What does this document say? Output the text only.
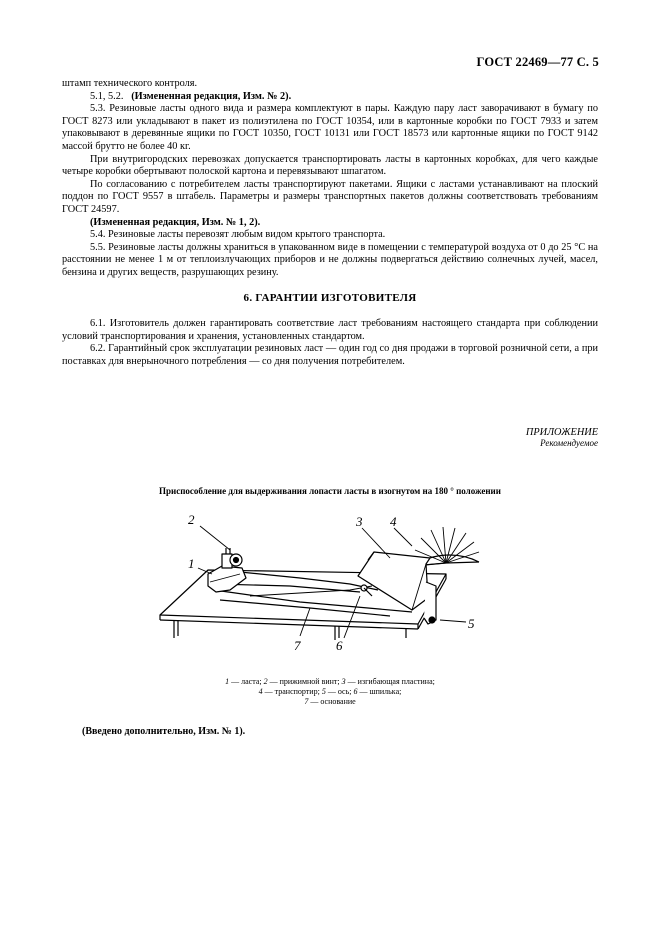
ГОСТ 22469—77 С. 5

штамп технического контроля.

5.1, 5.2. (Измененная редакция, Изм. № 2).

5.3. Резиновые ласты одного вида и размера комплектуют в пары. Каждую пару ласт заворачивают в бумагу по ГОСТ 8273 или укладывают в пакет из полиэтилена по ГОСТ 10354, или в картонные коробки по ГОСТ 7933 и затем упаковывают в деревянные ящики по ГОСТ 10350, ГОСТ 10131 или ГОСТ 18573 или картонные ящики по ГОСТ 9142 массой брутто не более 40 кг.

При внутригородских перевозках допускается транспортировать ласты в картонных коробках, для чего каждые четыре коробки обертывают полоской картона и перевязывают шпагатом.

По согласованию с потребителем ласты транспортируют пакетами. Ящики с ластами устанавливают на плоский поддон по ГОСТ 9557 в штабель. Параметры и размеры транспортных пакетов должны соответствовать требованиям ГОСТ 24597.

(Измененная редакция, Изм. № 1, 2).

5.4. Резиновые ласты перевозят любым видом крытого транспорта.

5.5. Резиновые ласты должны храниться в упакованном виде в помещении с температурой воздуха от 0 до 25 °С на расстоянии не менее 1 м от теплоизлучающих приборов и не должны подвергаться действию солнечных лучей, масел, бензина и других веществ, разрушающих резину.

6. ГАРАНТИИ ИЗГОТОВИТЕЛЯ

6.1. Изготовитель должен гарантировать соответствие ласт требованиям настоящего стандарта при соблюдении условий транспортирования и хранения, установленных стандартом.

6.2. Гарантийный срок эксплуатации резиновых ласт — один год со дня продажи в торговой розничной сети, а при поставках для внерыночного потребления — со дня получения потребителем.

ПРИЛОЖЕНИЕ
Рекомендуемое
Приспособление для выдерживания лопасти ласты в изогнутом на 180 ° положении
1
2	3 4
5
6
7
1 — ласта; 2 — прижимной винт; 3 — изгибающая пластина;
4 — транспортир; 5 — ось; 6 — шпилька;
7 — основание
(Введено дополнительно, Изм. № 1).
